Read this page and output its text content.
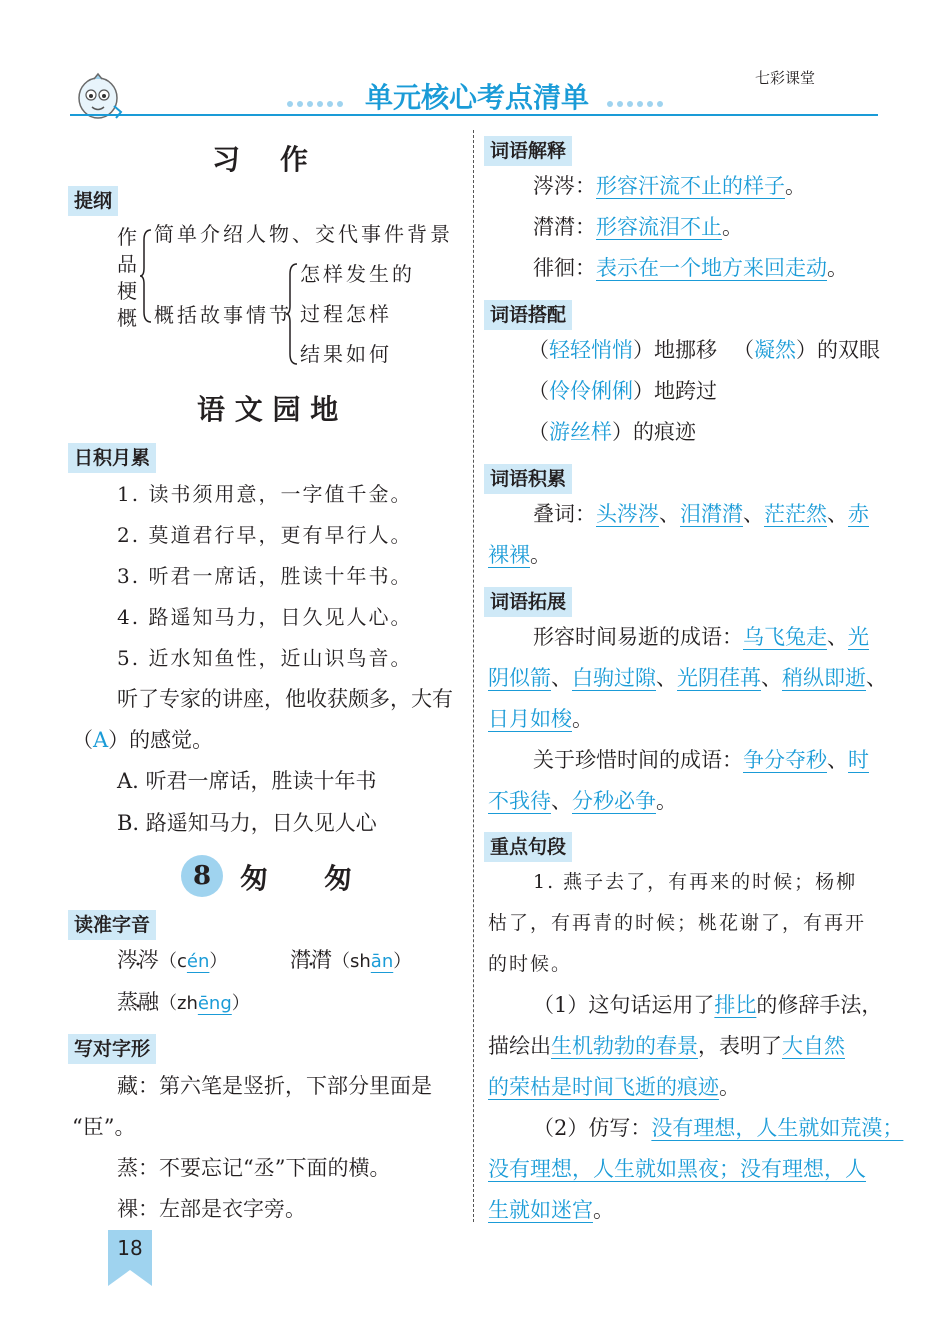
单元核心考点清单
七彩课堂
习　作
提纲
作
品
梗
概
简单介绍人物、交代事件背景
概括故事情节
怎样发生的
过程怎样
结果如何
语 文 园 地
日积月累
1. 读书须用意，一字值千金。
2. 莫道君行早，更有早行人。
3. 听君一席话，胜读十年书。
4. 路遥知马力，日久见人心。
5. 近水知鱼性，近山识鸟音。
听了专家的讲座，他收获颇多，大有
（A）的感觉。
A. 听君一席话，胜读十年书
B. 路遥知马力，日久见人心
8	匆　　匆
读准字音
涔涔 •（cén）	潸潸 •（shān）
蒸融 •（zhēng）
写对字形
藏：第六笔是竖折，下部分里面是
“臣”。
蒸：不要忘记“丞”下面的横。
裸：左部是衣字旁。
18
词语解释
涔涔：形容汗流不止的样子。
潸潸：形容流泪不止。
徘徊：表示在一个地方来回走动。
词语搭配
（轻轻悄悄）地挪移 （凝然）的双眼
（伶伶俐俐）地跨过
（游丝样）的痕迹
词语积累
叠词：头涔涔、泪潸潸、茫茫然、赤
裸裸。
词语拓展
形容时间易逝的成语：乌飞兔走、光
阴似箭、白驹过隙、光阴荏苒、稍纵即逝、
日月如梭。
关于珍惜时间的成语：争分夺秒、时
不我待、分秒必争。
重点句段
1. 燕子去了，有再来的时候；杨柳
枯了，有再青的时候；桃花谢了，有再开
的时候。
（1）这句话运用了排比的修辞手法，
描绘出生机勃勃的春景，表明了大自然
的荣枯是时间飞逝的痕迹。
（2）仿写：没有理想，人生就如荒漠；
没有理想，人生就如黑夜；没有理想，人
生就如迷宫。
